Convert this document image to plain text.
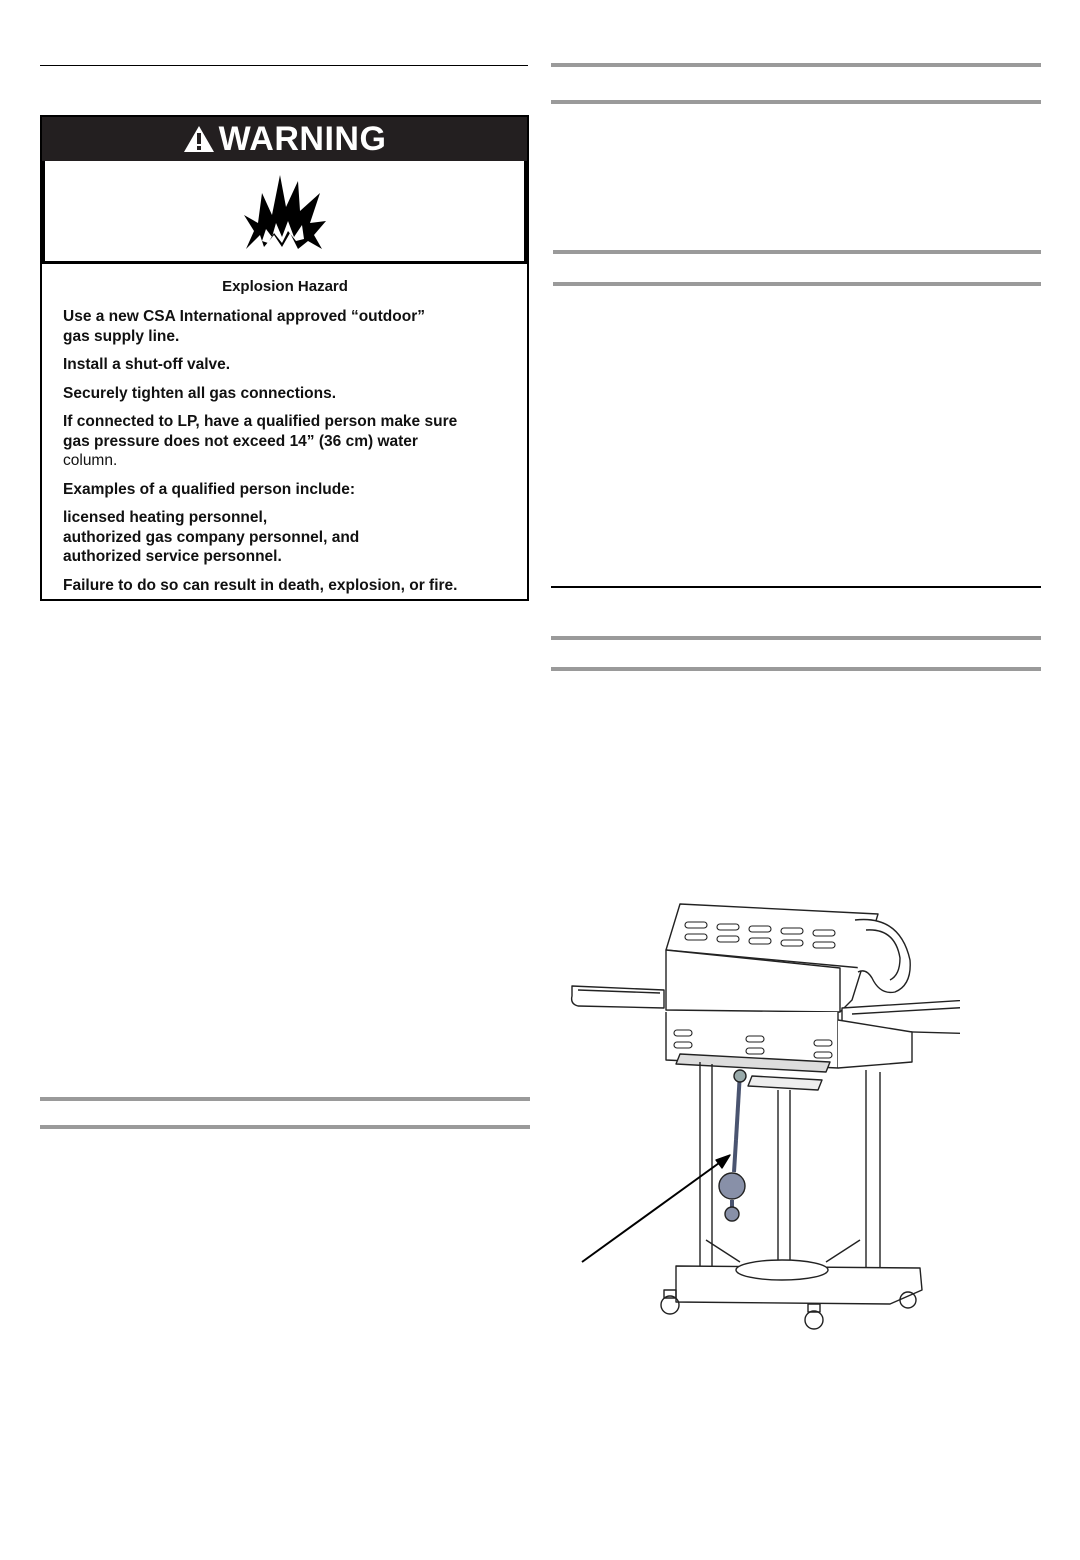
WARNING

Explosion Hazard

Use a new CSA International approved “outdoor”

gas supply line.

Install a shut-off valve.

Securely tighten all gas connections.

If connected to LP, have a qualified person make sure

gas pressure does not exceed 14” (36 cm) water

column.

Examples of a qualified person include:

licensed heating personnel,

authorized gas company personnel, and

authorized service personnel.

Failure to do so can result in death, explosion, or fire.
